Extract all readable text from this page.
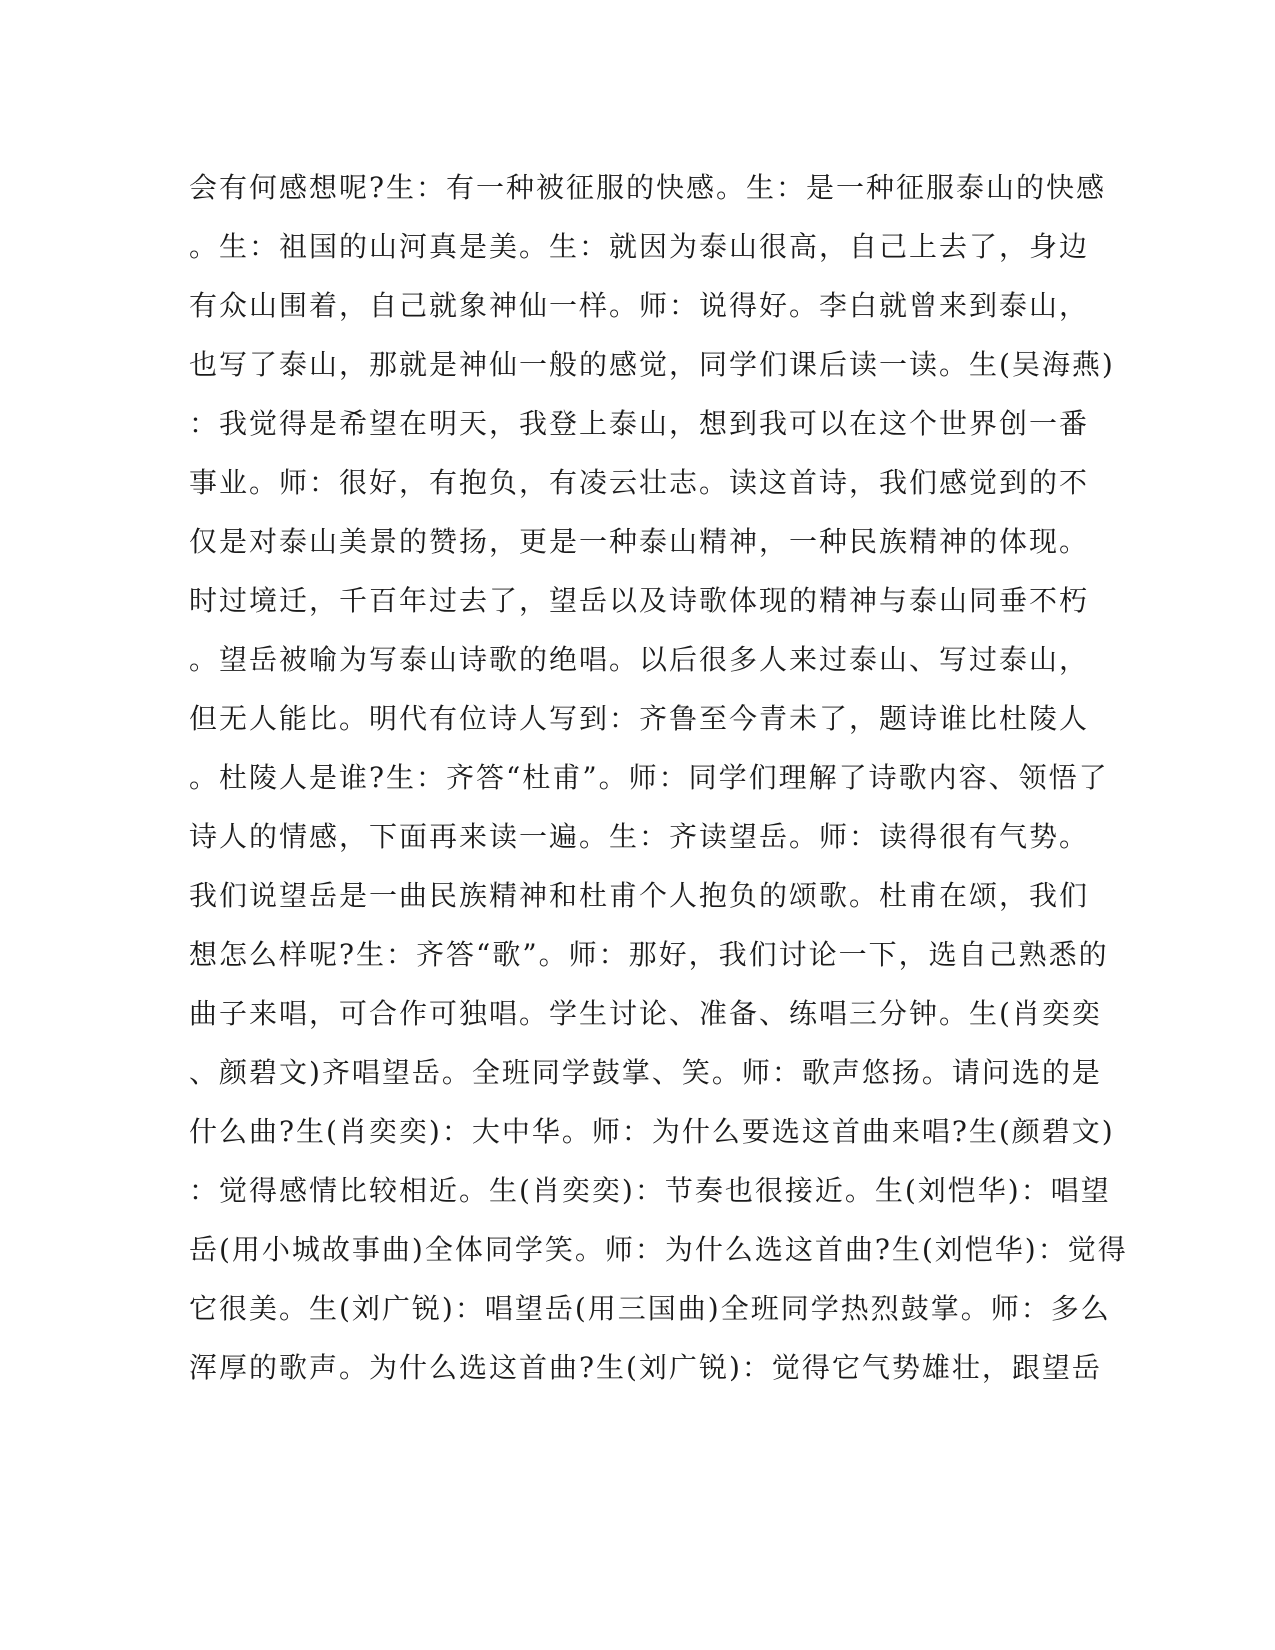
会有何感想呢?生：有一种被征服的快感。生：是一种征服泰山的快感
。生：祖国的山河真是美。生：就因为泰山很高，自己上去了，身边
有众山围着，自己就象神仙一样。师：说得好。李白就曾来到泰山，
也写了泰山，那就是神仙一般的感觉，同学们课后读一读。生(吴海燕)
：我觉得是希望在明天，我登上泰山，想到我可以在这个世界创一番
事业。师：很好，有抱负，有凌云壮志。读这首诗，我们感觉到的不
仅是对泰山美景的赞扬，更是一种泰山精神，一种民族精神的体现。
时过境迁，千百年过去了，望岳以及诗歌体现的精神与泰山同垂不朽
。望岳被喻为写泰山诗歌的绝唱。以后很多人来过泰山、写过泰山，
但无人能比。明代有位诗人写到：齐鲁至今青未了，题诗谁比杜陵人
。杜陵人是谁?生：齐答“杜甫”。师：同学们理解了诗歌内容、领悟了
诗人的情感，下面再来读一遍。生：齐读望岳。师：读得很有气势。
我们说望岳是一曲民族精神和杜甫个人抱负的颂歌。杜甫在颂，我们
想怎么样呢?生：齐答“歌”。师：那好，我们讨论一下，选自己熟悉的
曲子来唱，可合作可独唱。学生讨论、准备、练唱三分钟。生(肖奕奕
、颜碧文)齐唱望岳。全班同学鼓掌、笑。师：歌声悠扬。请问选的是
什么曲?生(肖奕奕)：大中华。师：为什么要选这首曲来唱?生(颜碧文)
：觉得感情比较相近。生(肖奕奕)：节奏也很接近。生(刘恺华)：唱望
岳(用小城故事曲)全体同学笑。师：为什么选这首曲?生(刘恺华)：觉得
它很美。生(刘广锐)：唱望岳(用三国曲)全班同学热烈鼓掌。师：多么
浑厚的歌声。为什么选这首曲?生(刘广锐)：觉得它气势雄壮，跟望岳
